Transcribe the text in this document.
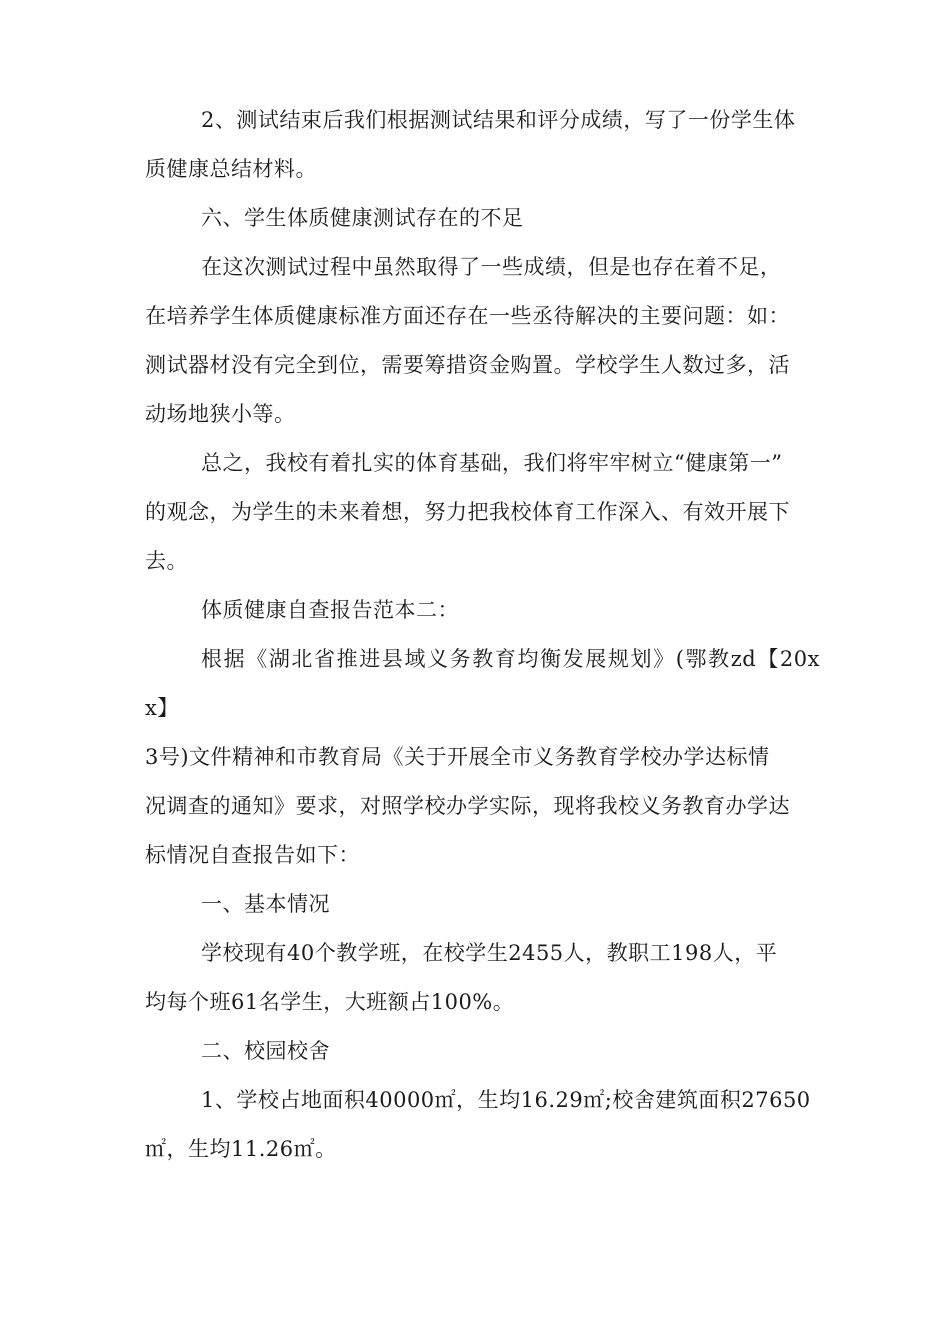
2、测试结束后我们根据测试结果和评分成绩，写了一份学生体
质健康总结材料。

六、学生体质健康测试存在的不足

在这次测试过程中虽然取得了一些成绩，但是也存在着不足，
在培养学生体质健康标准方面还存在一些丞待解决的主要问题：如：
测试器材没有完全到位，需要筹措资金购置。学校学生人数过多，活
动场地狭小等。

总之，我校有着扎实的体育基础，我们将牢牢树立“健康第一”
的观念，为学生的未来着想，努力把我校体育工作深入、有效开展下
去。

体质健康自查报告范本二：

根据《湖北省推进县域义务教育均衡发展规划》(鄂教zd【20xx】
3号)文件精神和市教育局《关于开展全市义务教育学校办学达标情
况调查的通知》要求，对照学校办学实际，现将我校义务教育办学达
标情况自查报告如下：

一、基本情况

学校现有40个教学班，在校学生2455人，教职工198人，平
均每个班61名学生，大班额占100%。

二、校园校舍

1、学校占地面积40000㎡，生均16.29㎡;校舍建筑面积27650
㎡，生均11.26㎡。
